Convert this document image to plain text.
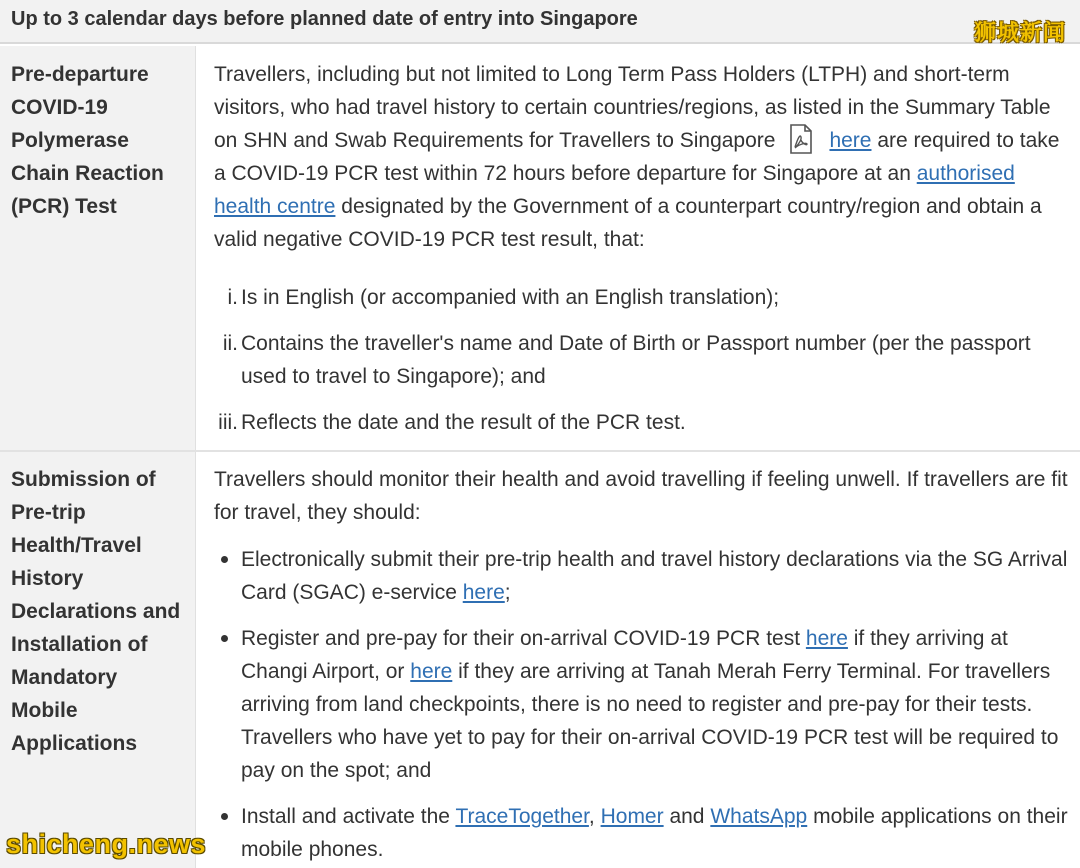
Up to 3 calendar days before planned date of entry into Singapore
狮城新闻
Pre-departure
COVID-19
Polymerase
Chain Reaction
(PCR) Test
Travellers, including but not limited to Long Term Pass Holders (LTPH) and short-term visitors, who had travel history to certain countries/regions, as listed in the Summary Table on SHN and Swab Requirements for Travellers to Singapore	here are required to take a COVID-19 PCR test within 72 hours before departure for Singapore at an authorised health centre designated by the Government of a counterpart country/region and obtain a valid negative COVID-19 PCR test result, that:
i. Is in English (or accompanied with an English translation);
ii. Contains the traveller's name and Date of Birth or Passport number (per the passport used to travel to Singapore); and
iii. Reflects the date and the result of the PCR test.
Submission of
Pre-trip
Health/Travel
History
Declarations and
Installation of
Mandatory
Mobile
Applications
Travellers should monitor their health and avoid travelling if feeling unwell. If travellers are fit for travel, they should:
Electronically submit their pre-trip health and travel history declarations via the SG Arrival Card (SGAC) e-service here;
Register and pre-pay for their on-arrival COVID-19 PCR test here if they arriving at Changi Airport, or here if they are arriving at Tanah Merah Ferry Terminal. For travellers arriving from land checkpoints, there is no need to register and pre-pay for their tests. Travellers who have yet to pay for their on-arrival COVID-19 PCR test will be required to pay on the spot; and
Install and activate the TraceTogether, Homer and WhatsApp mobile applications on their mobile phones.
shicheng.news
